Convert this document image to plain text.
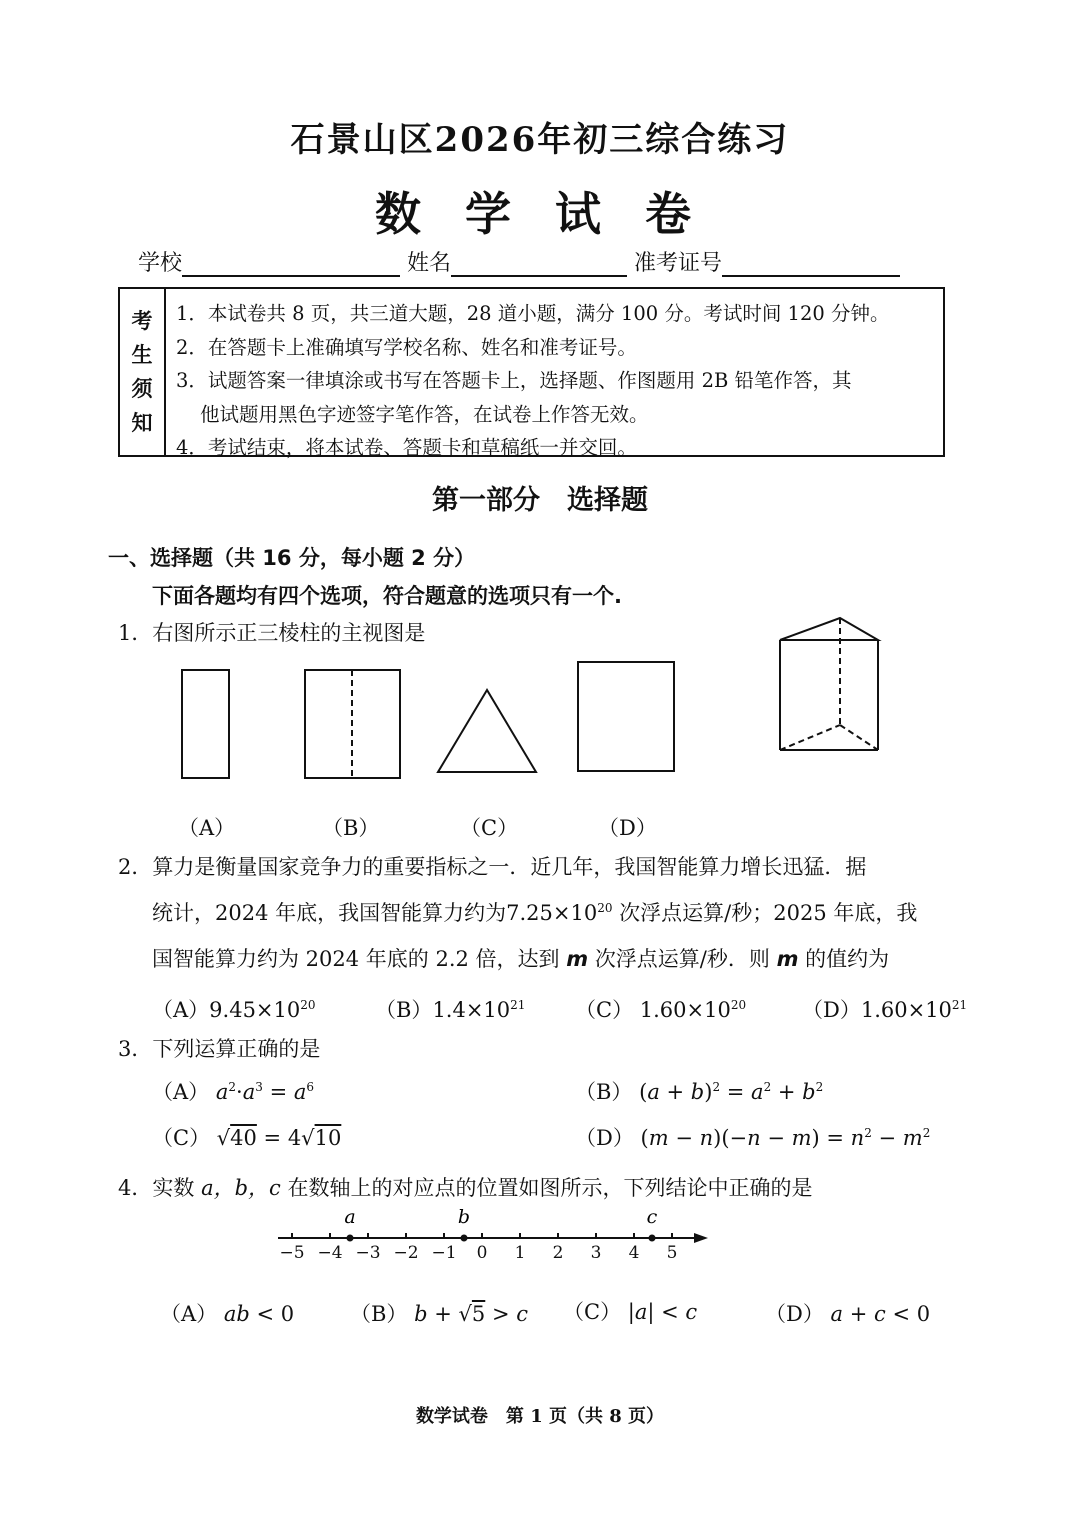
石景山区2026年初三综合练习
数 学 试 卷
学校	姓名	准考证号
考
生
须
知
1．本试卷共 8 页，共三道大题，28 道小题，满分 100 分。考试时间 120 分钟。
2．在答题卡上准确填写学校名称、姓名和准考证号。
3．试题答案一律填涂或书写在答题卡上，选择题、作图题用 2B 铅笔作答，其
他试题用黑色字迹签字笔作答，在试卷上作答无效。
4．考试结束，将本试卷、答题卡和草稿纸一并交回。
第一部分　选择题
一、选择题（共 16 分，每小题 2 分）
下面各题均有四个选项，符合题意的选项只有一个.
1．右图所示正三棱柱的主视图是
（A）	（B）	（C）	（D）
2．算力是衡量国家竞争力的重要指标之一．近几年，我国智能算力增长迅猛．据
统计，2024 年底，我国智能算力约为$7.25\times 10^{20}$ 次浮点运算/秒；2025 年底，我
国智能算力约为 2024 年底的 2.2 倍，达到 m 次浮点运算/秒．则 m 的值约为
$(A)9.45\times 10^{20}$	$(B)1.4\times 10^{21}$ （C） $1.60\times 10^{20}$	$(D)1.60\times 10^{21}$
3．下列运算正确的是
（A） $a^2\cdot a^3 = a^6$	（B） $(a + b)^2 = a^2 + b^2$
（C） √40 = 4√10	（D） $(m - n)(-n - m) = n^2 - m^2$
4．实数 a，b，c 在数轴上的对应点的位置如图所示，下列结论中正确的是
−5 −4 −3 −2 −1 0 1 2 3 4 5
a	b	c
（A） ab < 0	（B） b + √5 > c （C） |a| < c	（D） a + c < 0
数学试卷　第 1 页（共 8 页）
